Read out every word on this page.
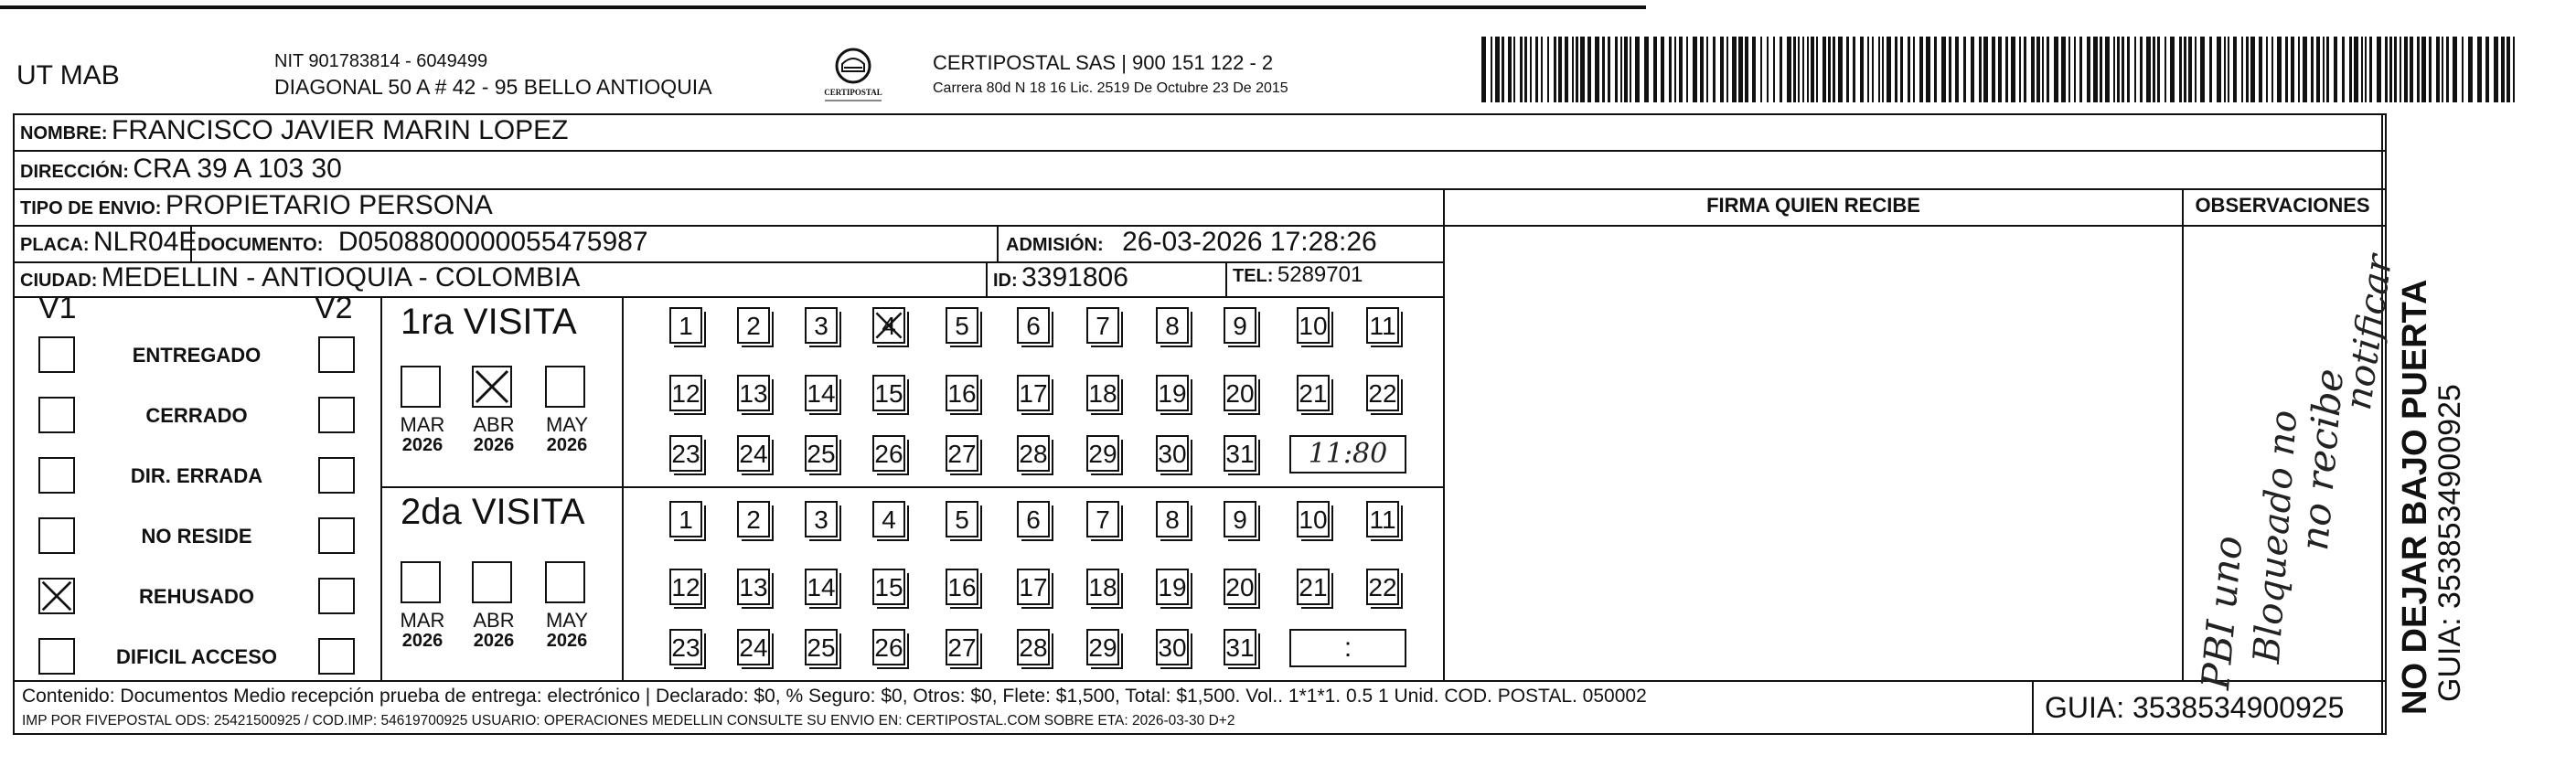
UT MAB	NIT 901783814 - 6049499
DIAGONAL 50 A # 42 - 95 BELLO ANTIOQUIA	CERTIPOSTAL
CERTIPOSTAL SAS | 900 151 122 - 2
Carrera 80d N 18 16 Lic. 2519 De Octubre 23 De 2015
NOMBRE: FRANCISCO JAVIER MARIN LOPEZ
DIRECCIÓN: CRA 39 A 103 30
TIPO DE ENVIO: PROPIETARIO PERSONA
PLACA: NLR04E DOCUMENTO: D050880000005547598​7	ADMISIÓN: 26-03-2026 17:28:26
CIUDAD: MEDELLIN - ANTIOQUIA - COLOMBIA	ID: 3391806	TEL: 5289701
FIRMA QUIEN RECIBE	OBSERVACIONES
V1	V2
ENTREGADO
CERRADO
DIR. ERRADA
NO RESIDE
REHUSADO
DIFICIL ACCESO
1ra VISITA
2da VISITA
MAR
2026
ABR
2026
MAY
2026
MAR
2026
ABR
2026
MAY
2026
1	2	3	4	5	6	7	8	9	10 11
12 13 14 15 16 17 18 19 20 21 22
23 24 25 26 27 28 29 30 31	11:80
1	2	3	4	5	6	7	8	9	10 11
12 13 14 15 16 17 18 19 20 21 22
23 24 25 26 27 28 29 30 31	:
Contenido: Documentos Medio recepción prueba de entrega: electrónico | Declarado: $0, % Seguro: $0, Otros: $0, Flete: $1,500, Total: $1,500. Vol.. 1*1*1. 0.5 1 Unid. COD. POSTAL. 050002
IMP POR FIVEPOSTAL ODS: 25421500925 / COD.IMP: 54619700925 USUARIO: OPERACIONES MEDELLIN CONSULTE SU ENVIO EN: CERTIPOSTAL.COM SOBRE ETA: 2026-03-30 D+2	GUIA: 3538534900925 NO DEJAR BAJO PUERTA
GUIA: 3538534900925
notificar
no recibe
Bloqueado no
PBI uno
